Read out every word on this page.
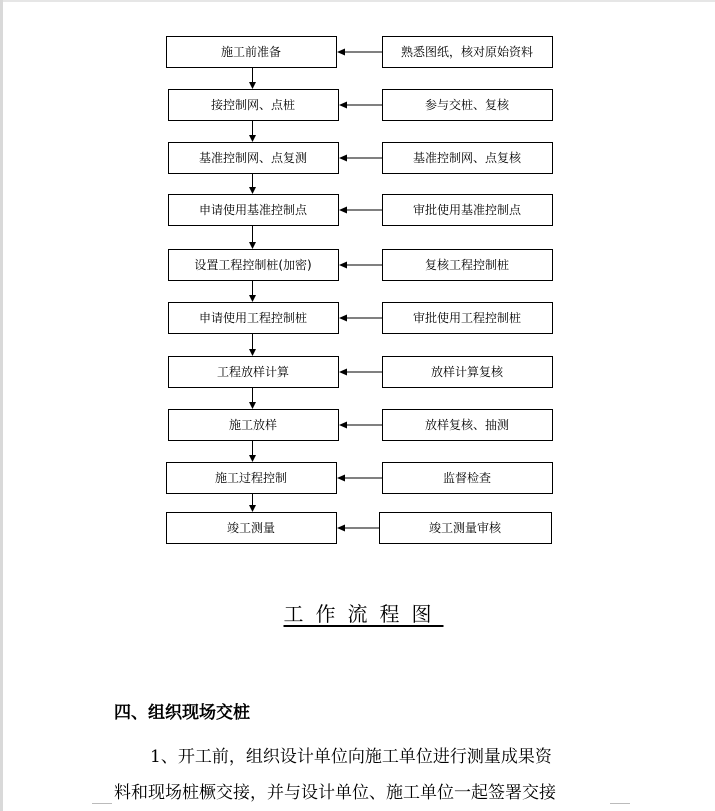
施工前准备	熟悉图纸，核对原始资料
接控制网、点桩	参与交桩、复核
基准控制网、点复测	基准控制网、点复核
申请使用基准控制点	审批使用基准控制点
设置工程控制桩(加密)	复核工程控制桩
申请使用工程控制桩	审批使用工程控制桩
工程放样计算	放样计算复核
施工放样	放样复核、抽测
施工过程控制	监督检查
竣工测量	竣工测量审核
工作流程图
四、组织现场交桩
1、开工前，组织设计单位向施工单位进行测量成果资
料和现场桩橛交接，并与设计单位、施工单位一起签署交接
